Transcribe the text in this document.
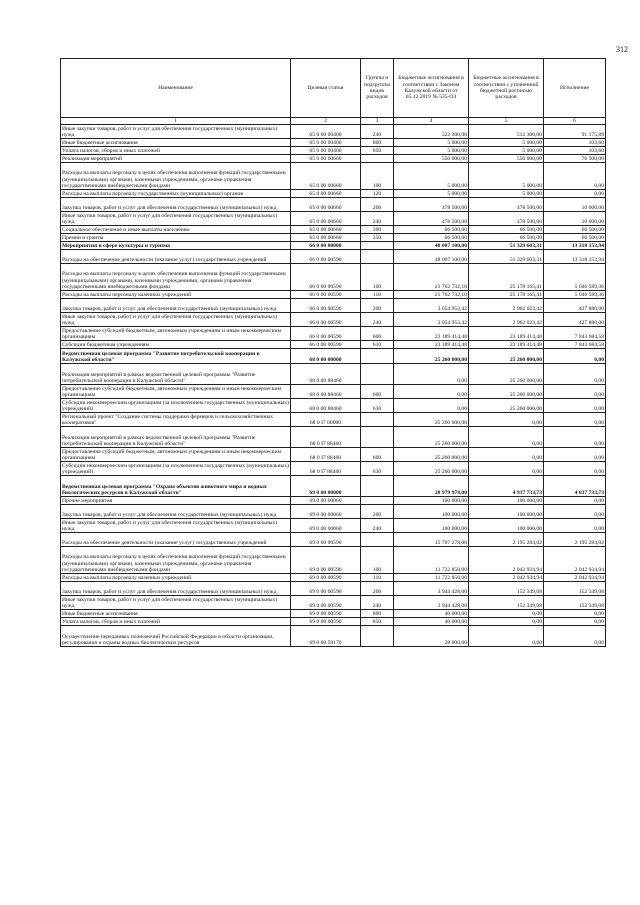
312
Наименование	Целевая статья	Группы и подгруппы видов расходов	Бюджетные ассигнования в соответствии с Законом Калужской области от 05.12.2019 № 535-ОЗ	Бюджетные ассигнования в соответствии с уточненной бюджетной росписью расходов	Исполнение
1	2	3	4	5	6
Иные закупки товаров, работ и услуг для обеспечения государственных (муниципальных) нужд	65 0 00 00400	240	522 300,00	512 300,00	91 175,89
Иные бюджетные ассигнования	65 0 00 00400	800	5 000,00	5 000,00	103,60
Уплата налогов, сборов и иных платежей	65 0 00 00400	850	5 000,00	5 000,00	103,60
Реализация мероприятий	65 0 00 00660		550 000,00	550 000,00	76 500,00
Расходы на выплаты персоналу в целях обеспечения выполнения функций государственными (муниципальными) органами, казенными учреждениями, органами управления государственными внебюджетными фондами	65 0 00 00660	100	5 000,00	5 000,00	0,00
Расходы на выплаты персоналу государственных (муниципальных) органов	65 0 00 00660	120	5 000,00	5 000,00	0,00
Закупка товаров, работ и услуг для обеспечения государственных (муниципальных) нужд	65 0 00 00660	200	478 500,00	478 500,00	10 000,00
Иные закупки товаров, работ и услуг для обеспечения государственных (муниципальных) нужд	65 0 00 00660	240	478 500,00	478 500,00	10 000,00
Социальное обеспечение и иные выплаты населению	65 0 00 00660	300	66 500,00	66 500,00	66 500,00
Премии и гранты	65 0 00 00660	350	66 500,00	66 500,00	66 500,00
Мероприятия в сфере культуры и туризма	66 0 00 00000		48 007 100,00	51 329 603,31	13 318 153,94
Расходы на обеспечение деятельности (оказание услуг) государственных учреждений	66 0 00 00590		48 007 100,00	51 329 603,31	13 318 153,94
Расходы на выплаты персоналу в целях обеспечения выполнения функций государственными (муниципальными) органами, казенными учреждениями, органами управления государственными внебюджетными фондами	66 0 00 00590	100	21 762 732,10	25 178 165,41	5 046 589,36
Расходы на выплаты персоналу казенных учреждений	66 0 00 00590	110	21 762 732,10	25 178 165,41	5 046 589,36
Закупка товаров, работ и услуг для обеспечения государственных (муниципальных) нужд	66 0 00 00590	200	3 054 953,42	2 962 023,42	427 880,00
Иные закупки товаров, работ и услуг для обеспечения государственных (муниципальных) нужд	66 0 00 00590	240	3 054 953,42	2 962 023,42	427 880,00
Предоставление субсидий бюджетным, автономным учреждениям и иным некоммерческим организациям	66 0 00 00590	600	23 189 414,48	23 189 414,48	7 843 684,58
Субсидии бюджетным учреждениям	66 0 00 00590	610	23 189 414,48	23 189 414,48	7 843 684,58
Ведомственная целевая программа "Развитие потребительской кооперации в Калужской области"	68 0 00 00000		25 260 000,00	25 260 000,00	0,00
Реализация мероприятий в рамках ведомственной целевой программы "Развитие потребительской кооперации в Калужской области"	68 0 00 88460		0,00	25 260 000,00	0,00
Предоставление субсидий бюджетным, автономным учреждениям и иным некоммерческим организациям	68 0 00 88460	600	0,00	25 260 000,00	0,00
Субсидии некоммерческим организациям (за исключением государственных (муниципальных) учреждений)	68 0 00 88460	630	0,00	25 260 000,00	0,00
Региональный проект "Создание системы поддержки фермеров и сельскохозяйственных кооперативов"	68 0 I7 00000		25 260 000,00	0,00	0,00
Реализация мероприятий в рамках ведомственной целевой программы "Развитие потребительской кооперации в Калужской области"	68 0 I7 88460		25 260 000,00	0,00	0,00
Предоставление субсидий бюджетным, автономным учреждениям и иным некоммерческим организациям	68 0 I7 88460	600	25 260 000,00	0,00	0,00
Субсидии некоммерческим организациям (за исключением государственных (муниципальных) учреждений)	68 0 I7 88460	630	25 260 000,00	0,00	0,00
Ведомственная целевая программа "Охрана объектов животного мира и водных биологических ресурсов в Калужской области"	69 0 00 00000		28 979 978,00	4 937 733,73	4 837 733,73
Прочие мероприятия	69 0 00 00060		100 000,00	100 000,00	0,00
Закупка товаров, работ и услуг для обеспечения государственных (муниципальных) нужд	69 0 00 00060	200	100 000,00	100 000,00	0,00
Иные закупки товаров, работ и услуг для обеспечения государственных (муниципальных) нужд	69 0 00 00060	240	100 000,00	100 000,00	0,00
Расходы на обеспечение деятельности (оказание услуг) государственных учреждений	69 0 00 00590		15 707 278,00	2 195 284,02	2 195 284,02
Расходы на выплаты персоналу в целях обеспечения выполнения функций государственными (муниципальными) органами, казенными учреждениями, органами управления государственными внебюджетными фондами	69 0 00 00590	100	11 722 850,00	2 042 934,94	2 042 934,94
Расходы на выплаты персоналу казенных учреждений	69 0 00 00590	110	11 722 850,00	2 042 934,94	2 042 934,94
Закупка товаров, работ и услуг для обеспечения государственных (муниципальных) нужд	69 0 00 00590	200	3 944 428,00	152 349,08	152 349,08
Иные закупки товаров, работ и услуг для обеспечения государственных (муниципальных) нужд	69 0 00 00590	240	3 944 428,00	152 349,08	152 349,08
Иные бюджетные ассигнования	69 0 00 00590	800	40 000,00	0,00	0,00
Уплата налогов, сборов и иных платежей	69 0 00 00590	850	40 000,00	0,00	0,00
Осуществление переданных полномочий Российской Федерации в области организации, регулирования и охраны водных биологических ресурсов	69 0 00 59170		28 000,00	0,00	0,00
